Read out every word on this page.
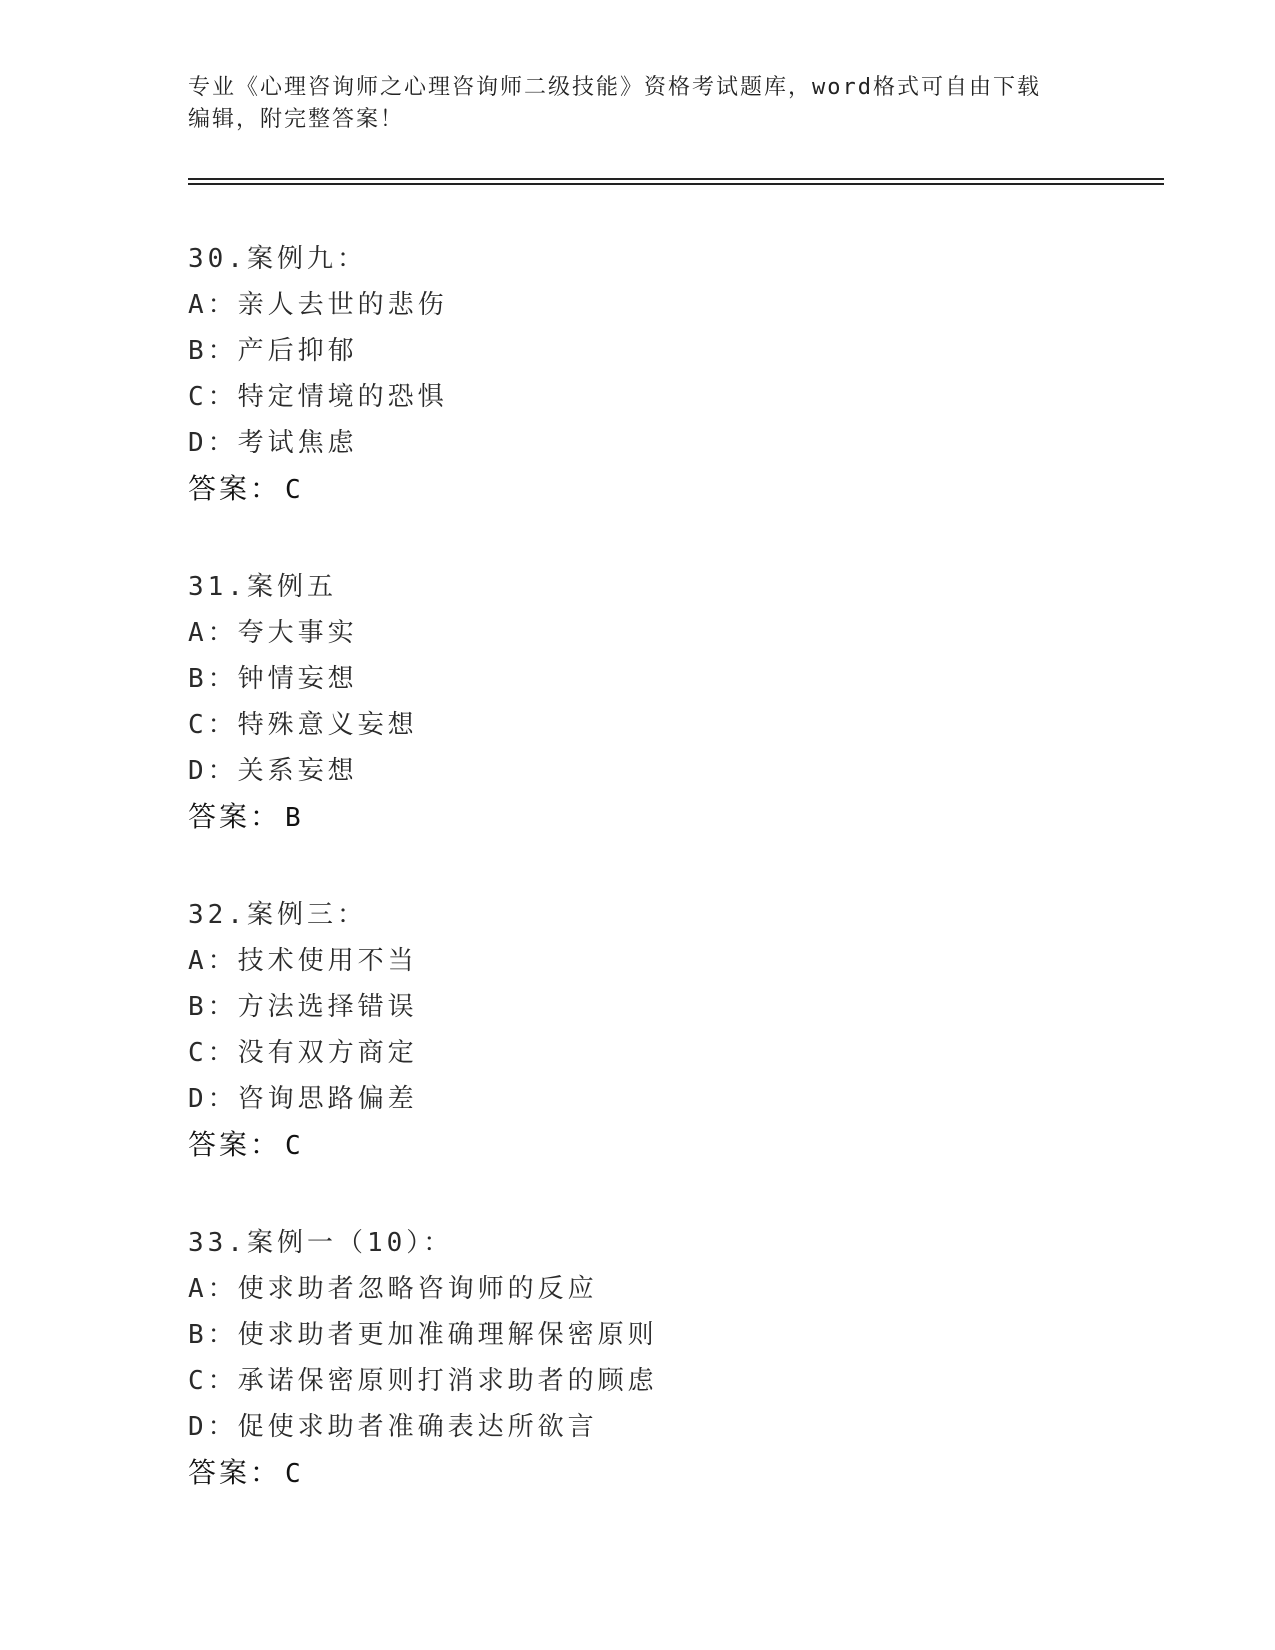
专业《心理咨询师之心理咨询师二级技能》资格考试题库，word格式可自由下载
编辑，附完整答案！
30.案例九：
A：亲人去世的悲伤
B：产后抑郁
C：特定情境的恐惧
D：考试焦虑
答案： C
31.案例五
A：夸大事实
B：钟情妄想
C：特殊意义妄想
D：关系妄想
答案： B
32.案例三：
A：技术使用不当
B：方法选择错误
C：没有双方商定
D：咨询思路偏差
答案： C
33.案例一（10）：
A：使求助者忽略咨询师的反应
B：使求助者更加准确理解保密原则
C：承诺保密原则打消求助者的顾虑
D：促使求助者准确表达所欲言
答案： C
